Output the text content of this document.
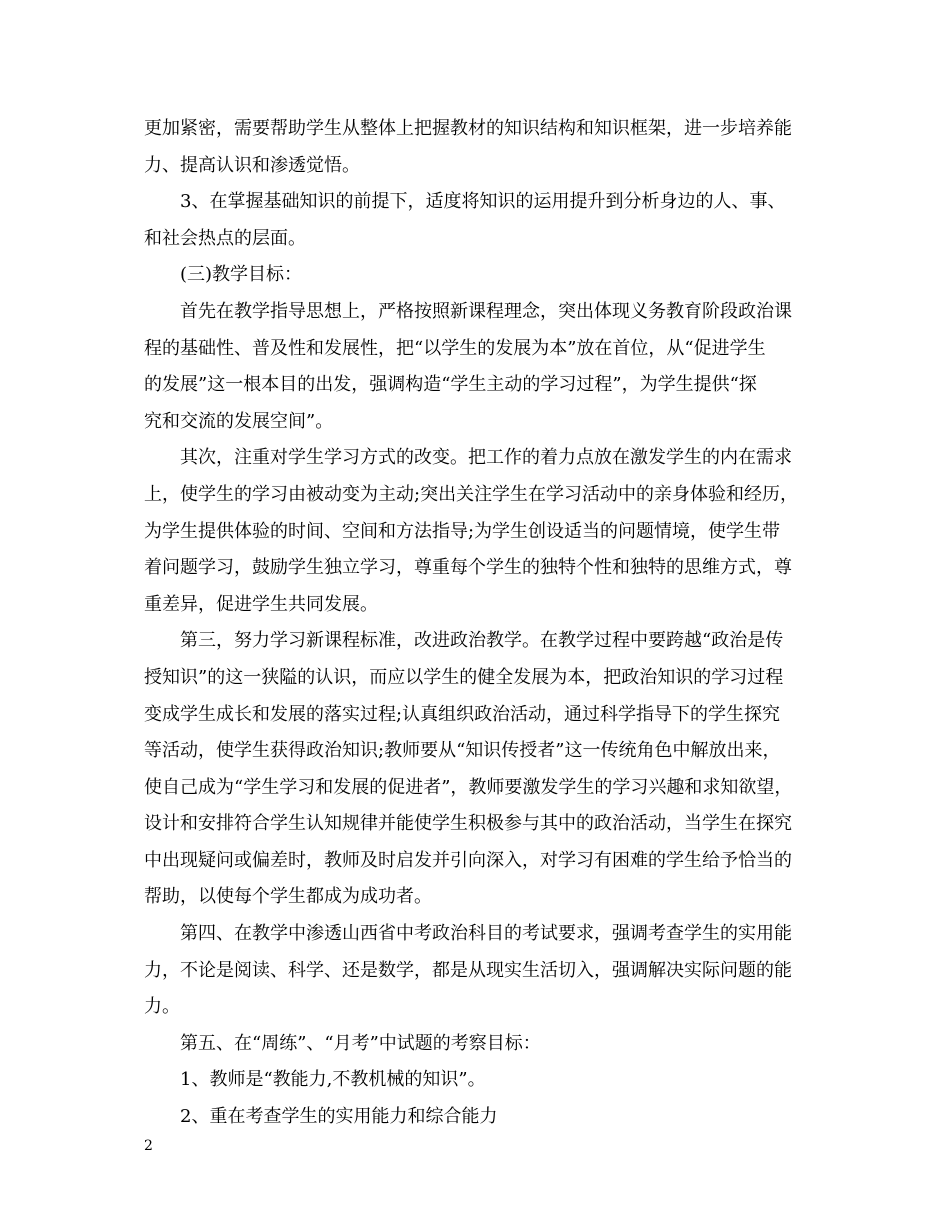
更加紧密，需要帮助学生从整体上把握教材的知识结构和知识框架，进一步培养能
力、提高认识和渗透觉悟。
3、在掌握基础知识的前提下，适度将知识的运用提升到分析身边的人、事、
和社会热点的层面。
(三)教学目标：
首先在教学指导思想上，严格按照新课程理念，突出体现义务教育阶段政治课
程的基础性、普及性和发展性，把“以学生的发展为本”放在首位，从“促进学生
的发展”这一根本目的出发，强调构造“学生主动的学习过程”，为学生提供“探
究和交流的发展空间”。
其次，注重对学生学习方式的改变。把工作的着力点放在激发学生的内在需求
上，使学生的学习由被动变为主动;突出关注学生在学习活动中的亲身体验和经历，
为学生提供体验的时间、空间和方法指导;为学生创设适当的问题情境，使学生带
着问题学习，鼓励学生独立学习，尊重每个学生的独特个性和独特的思维方式，尊
重差异，促进学生共同发展。
第三，努力学习新课程标准，改进政治教学。在教学过程中要跨越“政治是传
授知识”的这一狭隘的认识，而应以学生的健全发展为本，把政治知识的学习过程
变成学生成长和发展的落实过程;认真组织政治活动，通过科学指导下的学生探究
等活动，使学生获得政治知识;教师要从“知识传授者”这一传统角色中解放出来，
使自己成为“学生学习和发展的促进者”，教师要激发学生的学习兴趣和求知欲望，
设计和安排符合学生认知规律并能使学生积极参与其中的政治活动，当学生在探究
中出现疑问或偏差时，教师及时启发并引向深入，对学习有困难的学生给予恰当的
帮助，以使每个学生都成为成功者。
第四、在教学中渗透山西省中考政治科目的考试要求，强调考查学生的实用能
力，不论是阅读、科学、还是数学，都是从现实生活切入，强调解决实际问题的能
力。
第五、在“周练”、“月考”中试题的考察目标：
1、教师是“教能力,不教机械的知识”。
2、重在考查学生的实用能力和综合能力
2
